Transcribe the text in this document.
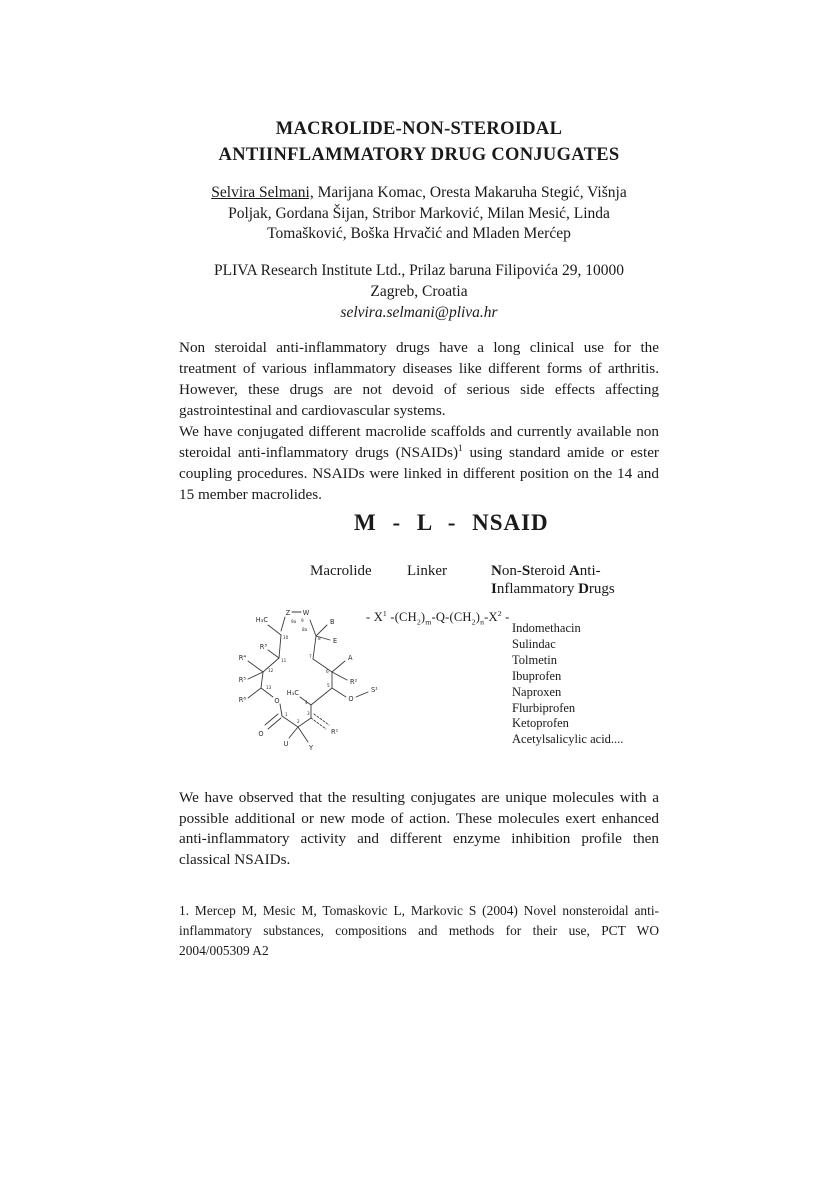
MACROLIDE-NON-STEROIDAL
ANTIINFLAMMATORY DRUG CONJUGATES
Selvira Selmani, Marijana Komac, Oresta Makaruha Stegić, Višnja
Poljak, Gordana Šijan, Stribor Marković, Milan Mesić, Linda
Tomašković, Boška Hrvačić and Mladen Merćep
PLIVA Research Institute Ltd., Prilaz baruna Filipovića 29, 10000
Zagreb, Croatia
selvira.selmani@pliva.hr

Non steroidal anti-inflammatory drugs have a long clinical use for the treatment of various inflammatory diseases like different forms of arthritis. However, these drugs are not devoid of serious side effects affecting gastrointestinal and cardiovascular systems.

We have conjugated different macrolide scaffolds and currently available non steroidal anti-inflammatory drugs (NSAIDs)$^1$ using standard amide or ester coupling procedures. NSAIDs were linked in different position on the 14 and 15 member macrolides.

M - L - NSAID
Macrolide Linker	Non-Steroid Anti-
Inflammatory Drugs
H₃C
Z W
B
E
R³
R⁴
R⁵
R⁶
A
R²
H₃C
O	O
S¹
O
U	Y
R¹
10
11
12
13
1
2
3
4
5
6
7
8
9
9a
8a
- $X^1$ $-(CH_2)_m-Q-(CH_2)_n-X^2$ -
Indomethacin
Sulindac
Tolmetin
Ibuprofen
Naproxen
Flurbiprofen
Ketoprofen
Acetylsalicylic acid....

We have observed that the resulting conjugates are unique molecules with a possible additional or new mode of action. These molecules exert enhanced anti-inflammatory activity and different enzyme inhibition profile then classical NSAIDs.

1. Mercep M, Mesic M, Tomaskovic L, Markovic S (2004) Novel nonsteroidal anti-inflammatory substances, compositions and methods for their use, PCT WO 2004/005309 A2
